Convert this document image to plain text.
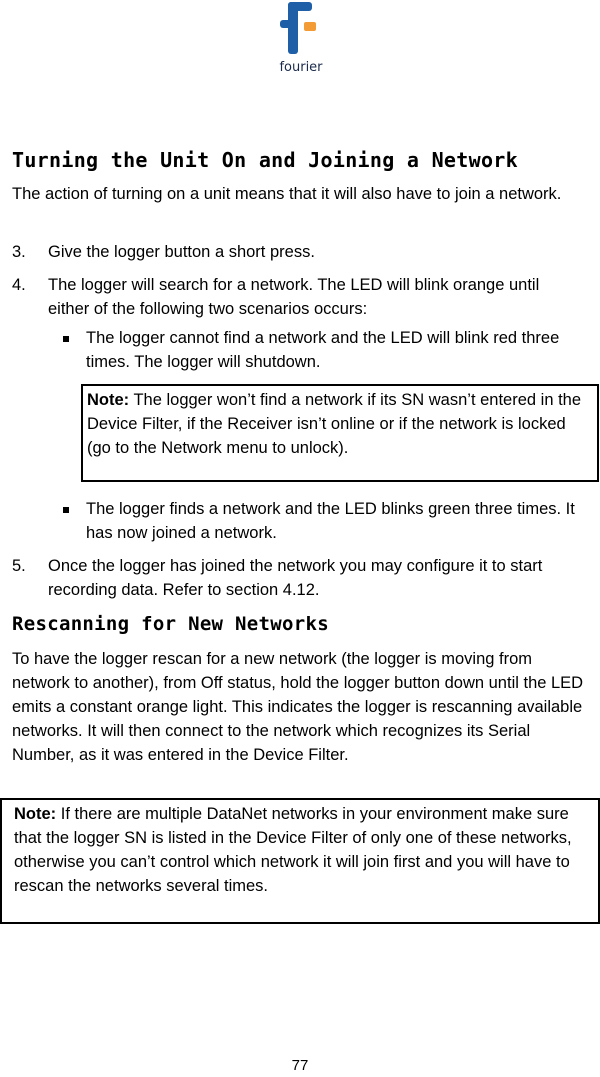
fourier
Turning the Unit On and Joining a Network
The action of turning on a unit means that it will also have to join a network.
3. Give the logger button a short press.
4. The logger will search for a network. The LED will blink orange until either of the following two scenarios occurs:
The logger cannot find a network and the LED will blink red three times. The logger will shutdown.
Note: The logger won’t find a network if its SN wasn’t entered in the Device Filter, if the Receiver isn’t online or if the network is locked (go to the Network menu to unlock).
The logger finds a network and the LED blinks green three times. It has now joined a network.
5. Once the logger has joined the network you may configure it to start recording data. Refer to section 4.12.
Rescanning for New Networks
To have the logger rescan for a new network (the logger is moving from network to another), from Off status, hold the logger button down until the LED emits a constant orange light. This indicates the logger is rescanning available networks. It will then connect to the network which recognizes its Serial Number, as it was entered in the Device Filter.
Note: If there are multiple DataNet networks in your environment make sure that the logger SN is listed in the Device Filter of only one of these networks, otherwise you can’t control which network it will join first and you will have to rescan the networks several times.
77
